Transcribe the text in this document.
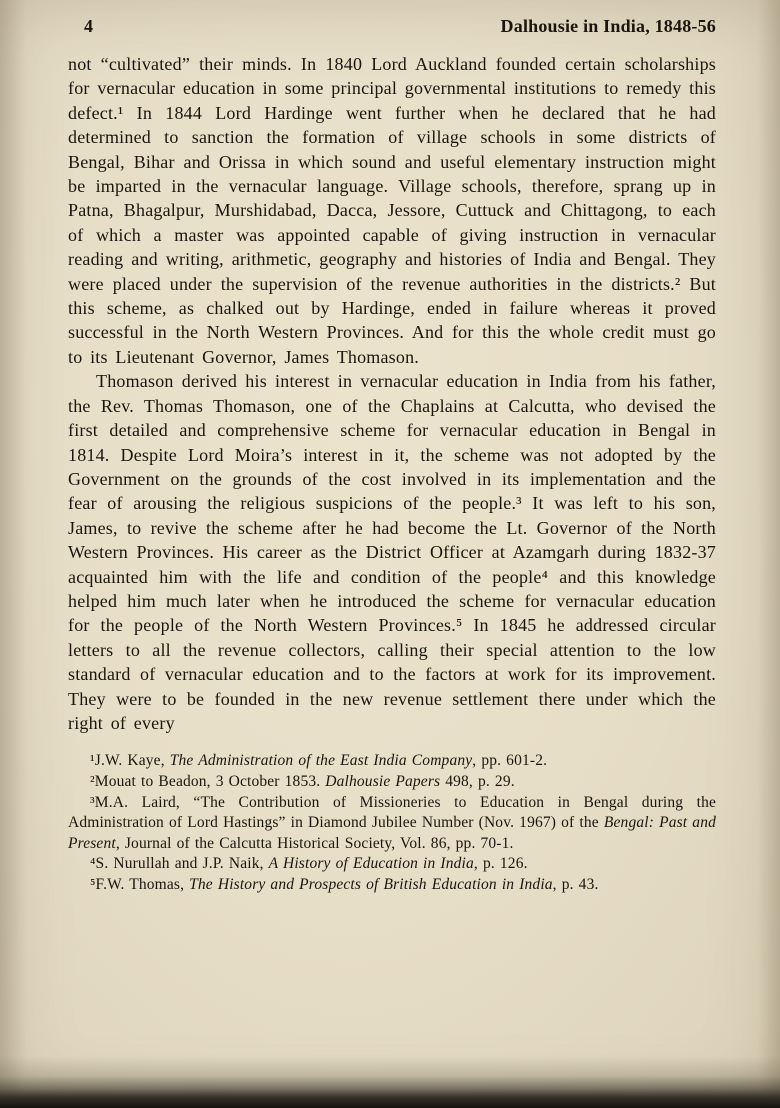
4	Dalhousie in India, 1848-56

not “cultivated” their minds. In 1840 Lord Auckland founded certain scholarships for vernacular education in some principal governmental institutions to remedy this defect.¹ In 1844 Lord Hardinge went further when he declared that he had determined to sanction the formation of village schools in some districts of Bengal, Bihar and Orissa in which sound and useful elementary instruction might be imparted in the vernacular language. Village schools, therefore, sprang up in Patna, Bhagalpur, Murshidabad, Dacca, Jessore, Cuttuck and Chittagong, to each of which a master was appointed capable of giving instruction in vernacular reading and writing, arithmetic, geography and histories of India and Bengal. They were placed under the supervision of the revenue authorities in the districts.² But this scheme, as chalked out by Hardinge, ended in failure whereas it proved successful in the North Western Provinces. And for this the whole credit must go to its Lieutenant Governor, James Thomason.

Thomason derived his interest in vernacular education in India from his father, the Rev. Thomas Thomason, one of the Chaplains at Calcutta, who devised the first detailed and comprehensive scheme for vernacular education in Bengal in 1814. Despite Lord Moira’s interest in it, the scheme was not adopted by the Government on the grounds of the cost involved in its implementation and the fear of arousing the religious suspicions of the people.³ It was left to his son, James, to revive the scheme after he had become the Lt. Governor of the North Western Provinces. His career as the District Officer at Azamgarh during 1832-37 acquainted him with the life and condition of the people⁴ and this knowledge helped him much later when he introduced the scheme for vernacular education for the people of the North Western Provinces.⁵ In 1845 he addressed circular letters to all the revenue collectors, calling their special attention to the low standard of vernacular education and to the factors at work for its improvement. They were to be founded in the new revenue settlement there under which the right of every

¹J.W. Kaye, The Administration of the East India Company, pp. 601-2.

²Mouat to Beadon, 3 October 1853. Dalhousie Papers 498, p. 29.

³M.A. Laird, “The Contribution of Missioneries to Education in Bengal during the Administration of Lord Hastings” in Diamond Jubilee Number (Nov. 1967) of the Bengal: Past and Present, Journal of the Calcutta Historical Society, Vol. 86, pp. 70-1.

⁴S. Nurullah and J.P. Naik, A History of Education in India, p. 126.

⁵F.W. Thomas, The History and Prospects of British Education in India, p. 43.
